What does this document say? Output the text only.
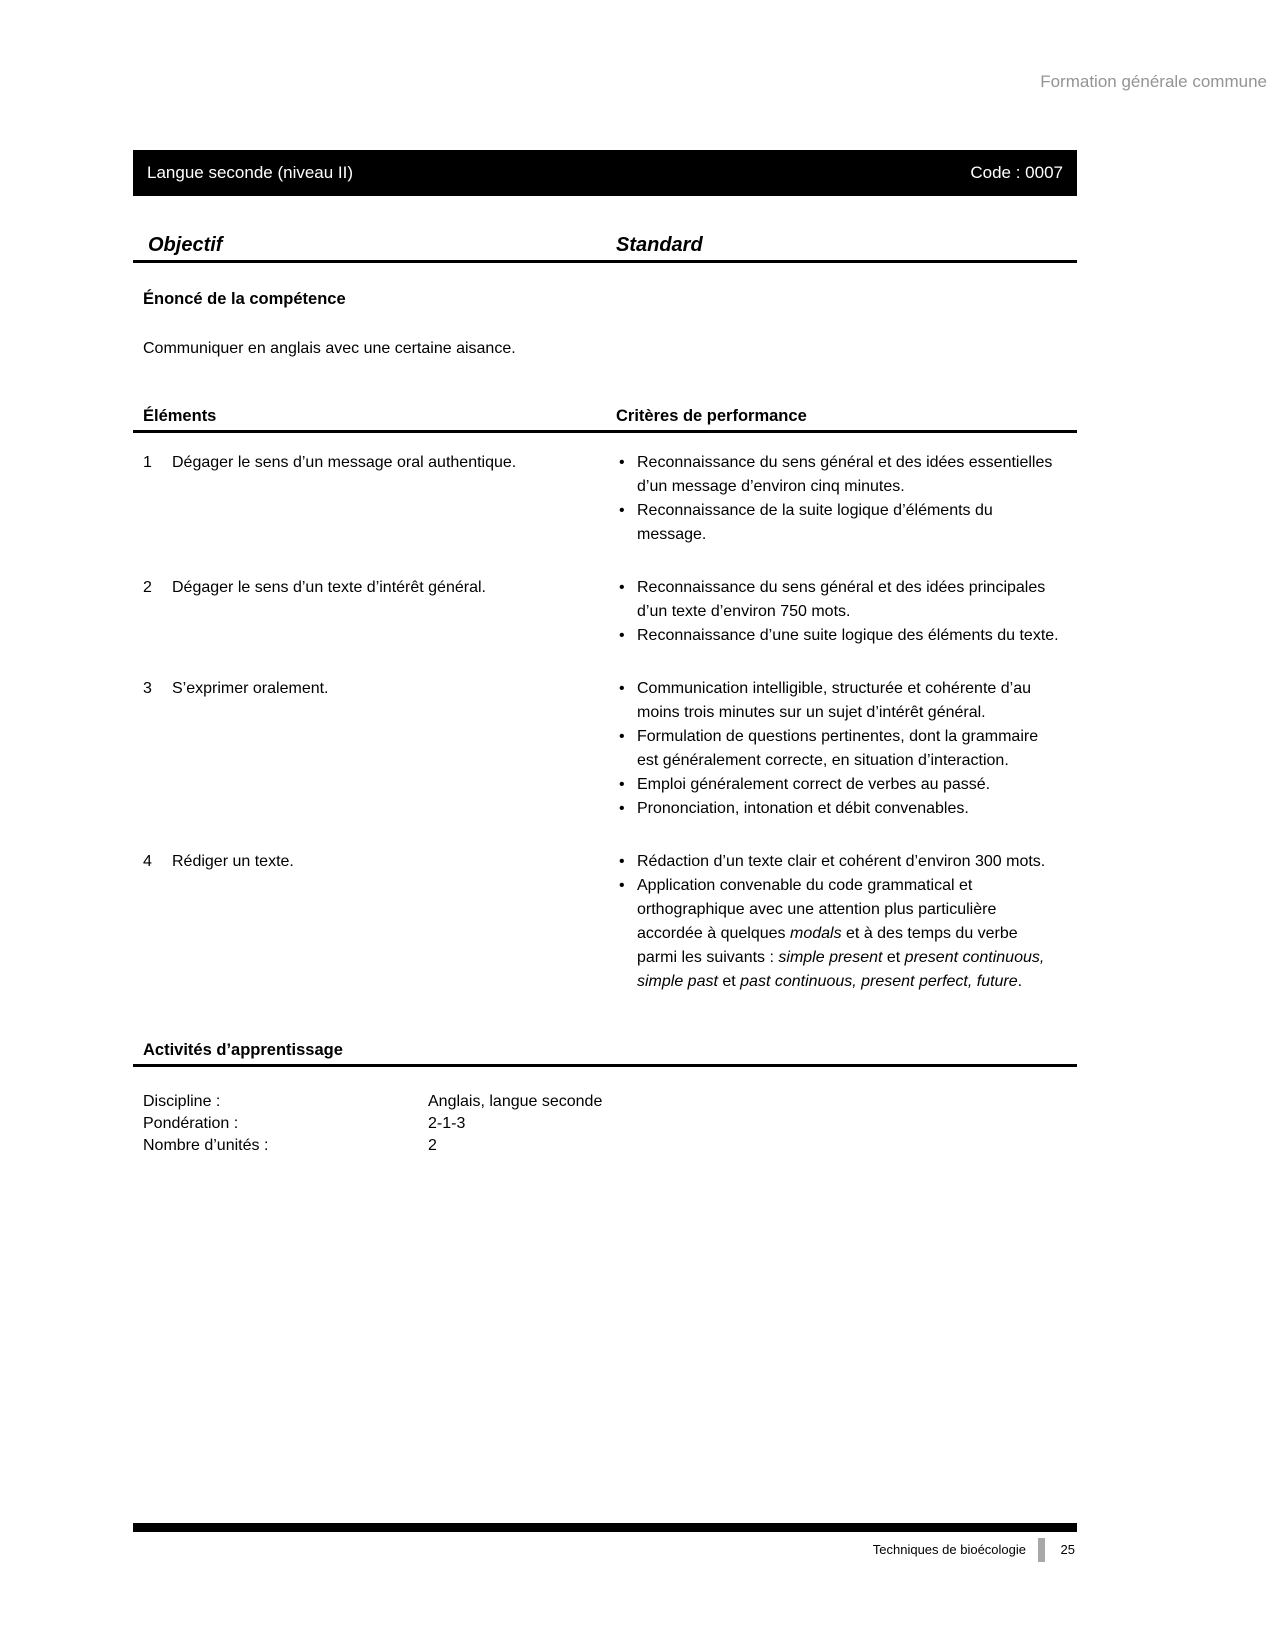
Formation générale commune
Langue seconde (niveau II)	Code : 0007
Objectif	Standard
Énoncé de la compétence
Communiquer en anglais avec une certaine aisance.
Éléments	Critères de performance
1	Dégager le sens d’un message oral authentique.	• Reconnaissance du sens général et des idées essentielles d’un message d’environ cinq minutes.
• Reconnaissance de la suite logique d’éléments du message.
2	Dégager le sens d’un texte d’intérêt général.	• Reconnaissance du sens général et des idées principales d’un texte d’environ 750 mots.
• Reconnaissance d’une suite logique des éléments du texte.
3	S’exprimer oralement.	• Communication intelligible, structurée et cohérente d’au moins trois minutes sur un sujet d’intérêt général.
• Formulation de questions pertinentes, dont la grammaire est généralement correcte, en situation d’interaction.
• Emploi généralement correct de verbes au passé.
• Prononciation, intonation et débit convenables.
4	Rédiger un texte.	• Rédaction d’un texte clair et cohérent d’environ 300 mots.
• Application convenable du code grammatical et orthographique avec une attention plus particulière accordée à quelques modals et à des temps du verbe parmi les suivants : simple present et present continuous, simple past et past continuous, present perfect, future.
Activités d’apprentissage
Discipline :	Anglais, langue seconde
Pondération :	2-1-3
Nombre d’unités :	2
Techniques de bioécologie	25
